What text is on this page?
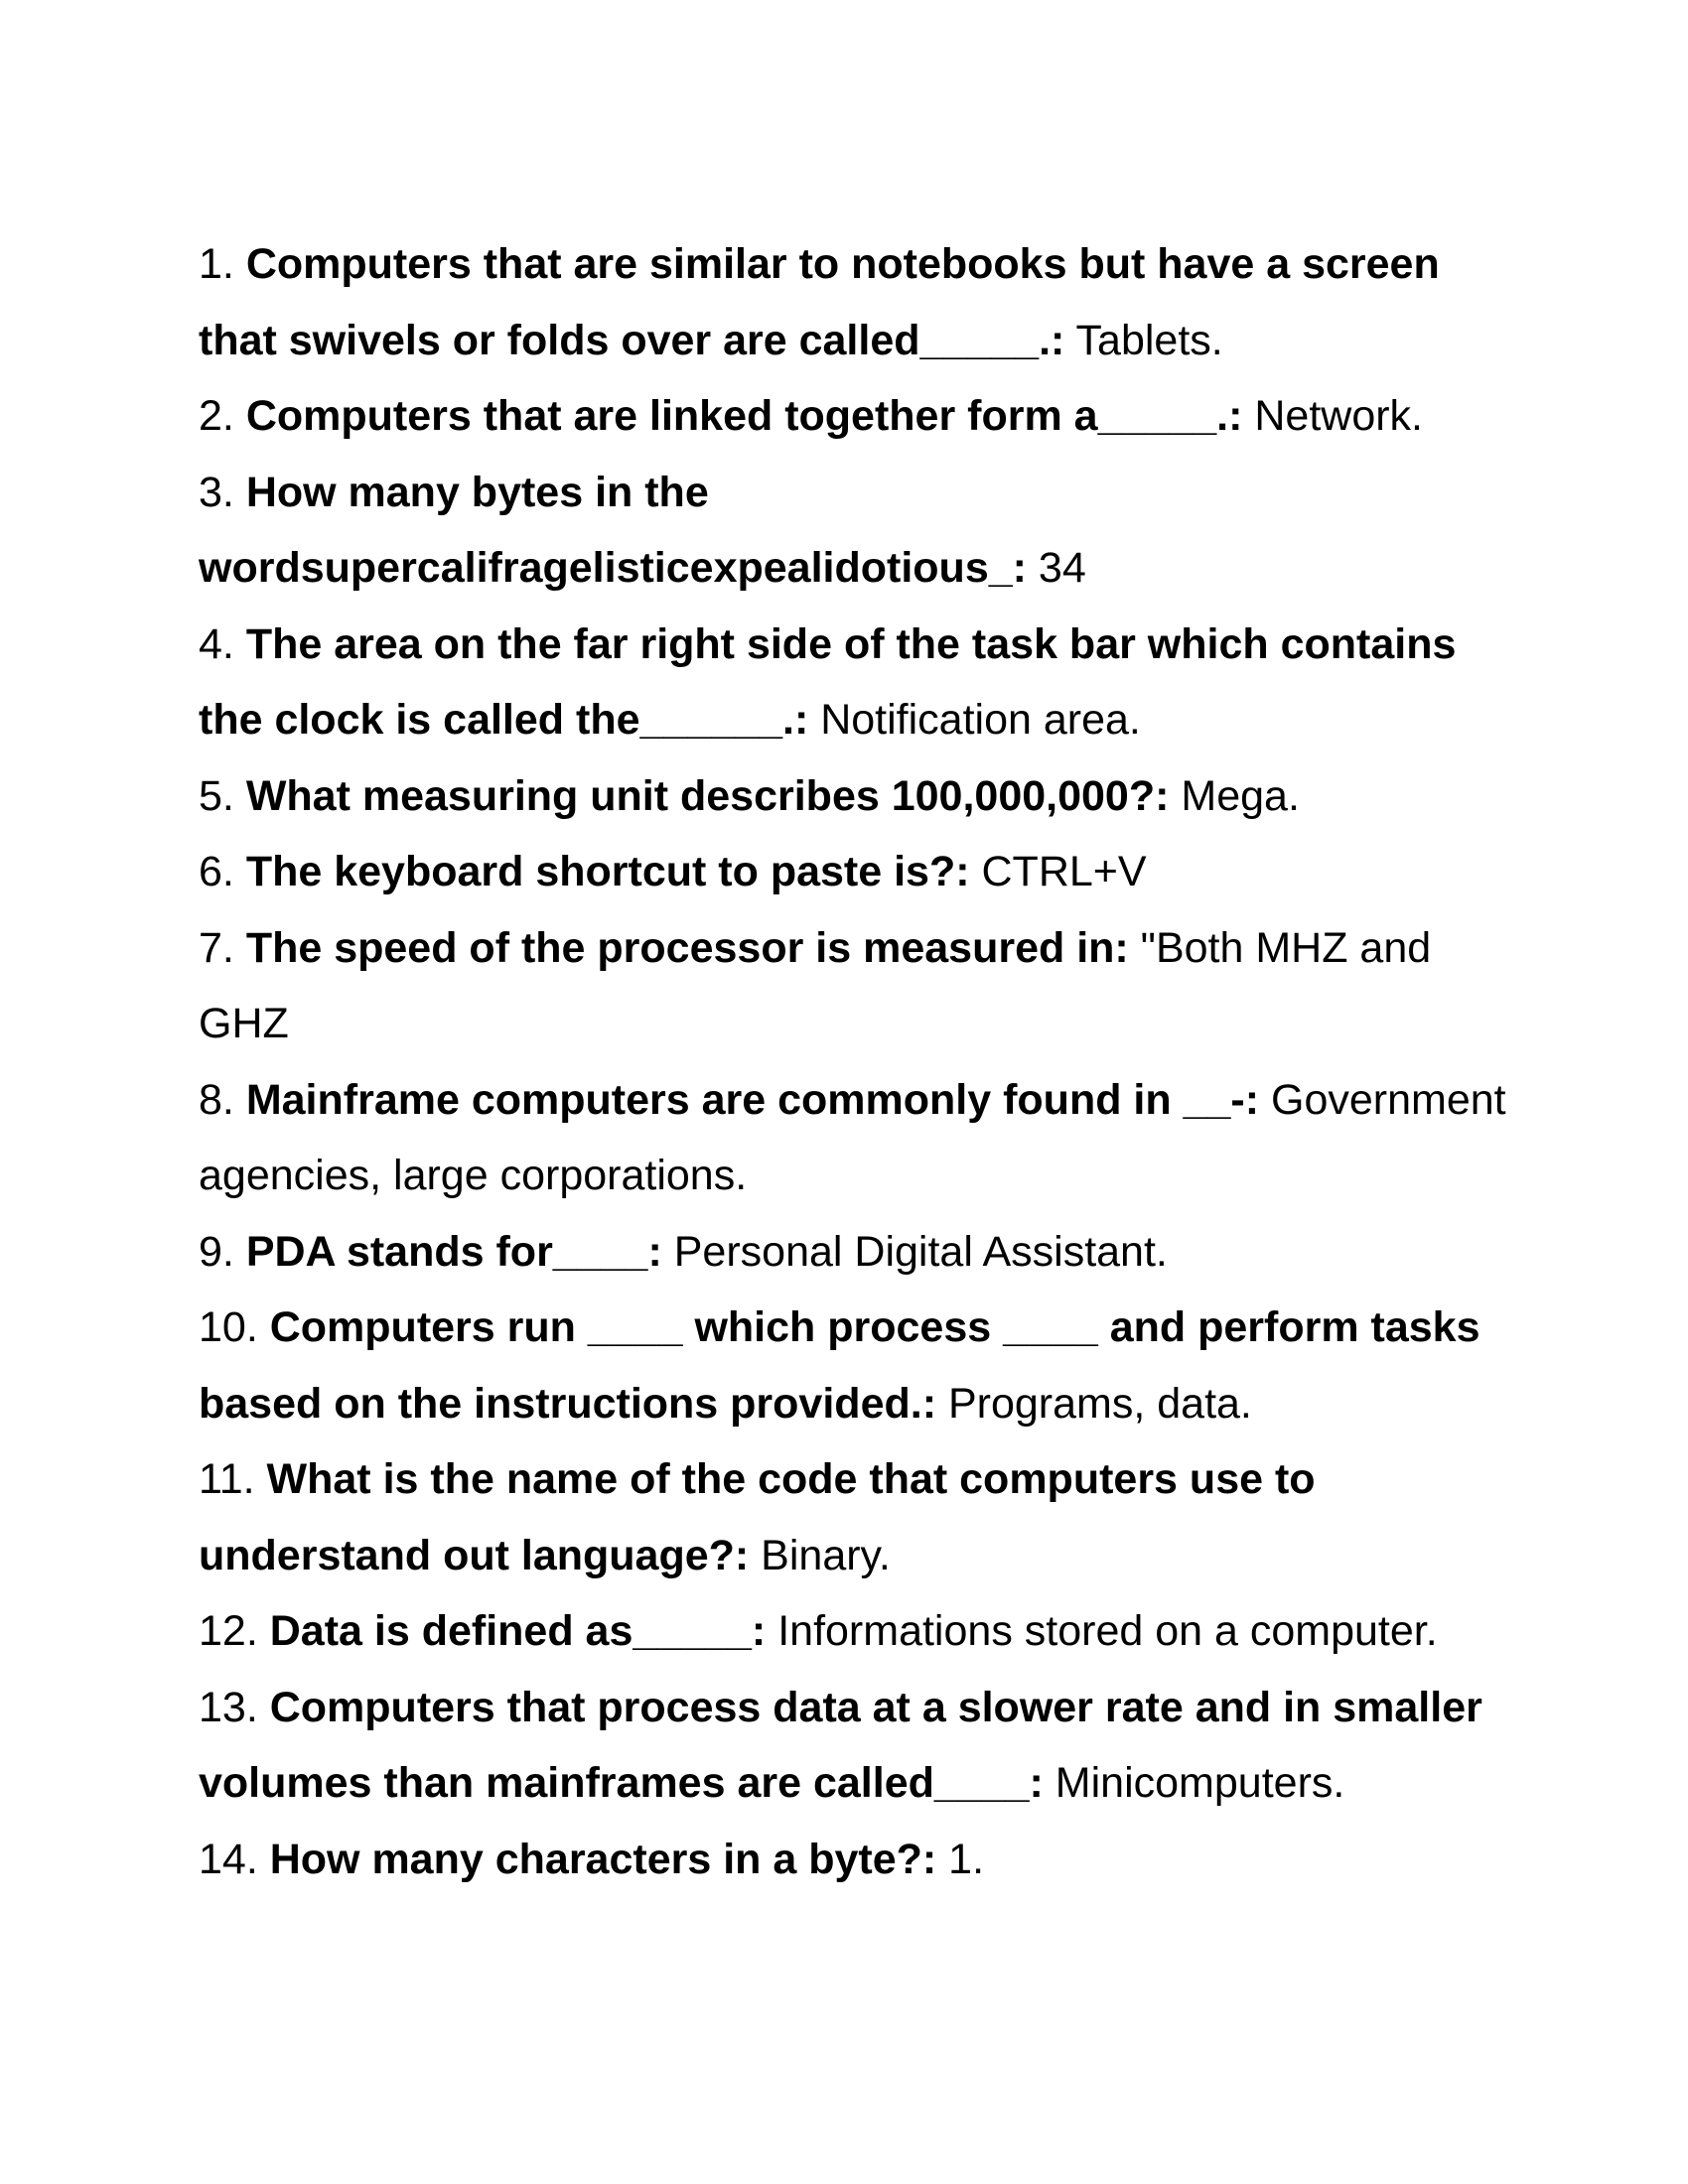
1. Computers that are similar to notebooks but have a screen that swivels or folds over are called_____.: Tablets.
2. Computers that are linked together form a_____.: Network.
3. How many bytes in the wordsupercalifragelisticexpealidotious_: 34
4. The area on the far right side of the task bar which contains the clock is called the______.: Notification area.
5. What measuring unit describes 100,000,000?: Mega.
6. The keyboard shortcut to paste is?: CTRL+V
7. The speed of the processor is measured in: "Both MHZ and GHZ
8. Mainframe computers are commonly found in __-: Government agencies, large corporations.
9. PDA stands for____: Personal Digital Assistant.
10. Computers run ____ which process ____ and perform tasks based on the instructions provided.: Programs, data.
11. What is the name of the code that computers use to understand out language?: Binary.
12. Data is defined as_____: Informations stored on a computer.
13. Computers that process data at a slower rate and in smaller volumes than mainframes are called____: Minicomputers.
14. How many characters in a byte?: 1.
